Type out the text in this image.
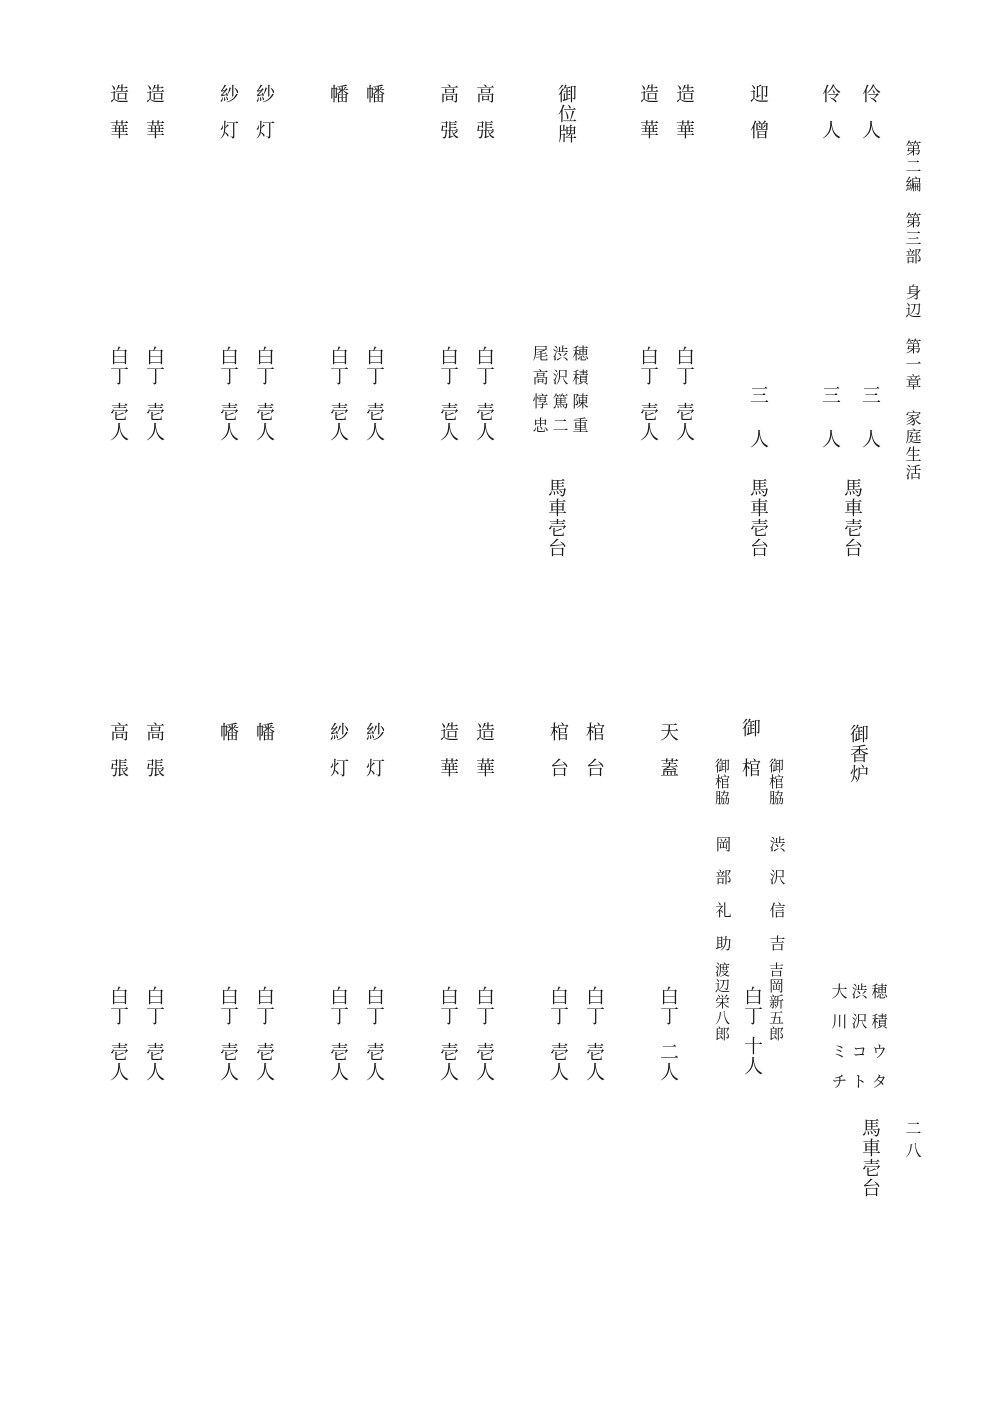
第二編　第三部　身辺　第一章　家庭生活
二八
伶人
伶人
三人
三人
馬車壱台
迎僧
三人
馬車壱台
造華
造華
白丁
白丁
壱人
壱人
御位牌
穂積陳重
渋沢篤二
尾高惇忠
馬車壱台
高張
高張
白丁
白丁
壱人
壱人
幡
幡
白丁
白丁
壱人
壱人
紗灯
紗灯
白丁
白丁
壱人
壱人
造華
造華
白丁
白丁
壱人
壱人
御香炉
穂積ウタ
渋沢コト
大川ミチ
馬車壱台
御
棺 御棺脇
御棺脇
渋沢信吉
岡部礼助
吉岡新五郎
渡辺栄八郎 白丁
十人
天蓋
白丁
二人
棺台
棺台
白丁
白丁
壱人
壱人
造華
造華
白丁
白丁
壱人
壱人
紗灯
紗灯
白丁
白丁
壱人
壱人
幡
幡
白丁
白丁
壱人
壱人
高張
高張
白丁
白丁
壱人
壱人
